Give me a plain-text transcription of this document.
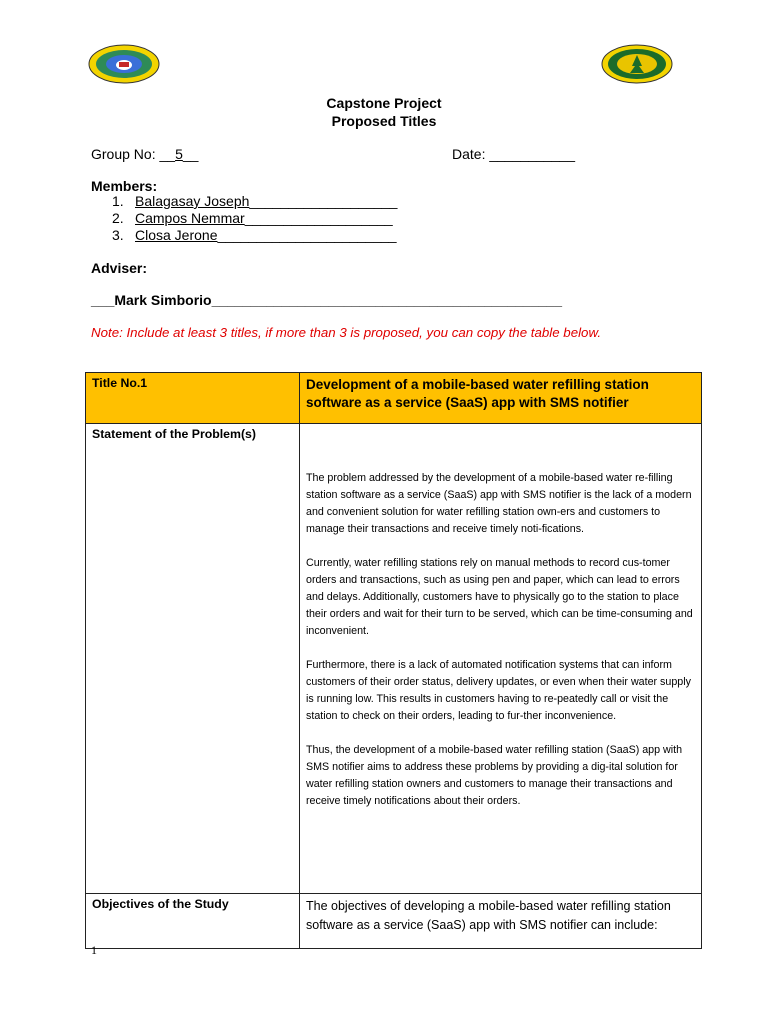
Capstone Project
Proposed Titles
Group No: __5__	Date: ___________
Members:
1. Balagasay Joseph___________________
2. Campos Nemmar___________________
3. Closa Jerone_______________________
Adviser:
___Mark Simborio_____________________________________________
Note: Include at least 3 titles, if more than 3 is proposed, you can copy the table below.
Title No.1	Development of a mobile-based water refilling station software as a service (SaaS) app with SMS notifier
Statement of the Problem(s)	The problem addressed by the development of a mobile-based water re-filling station software as a service (SaaS) app with SMS notifier is the lack of a modern and convenient solution for water refilling station own-ers and customers to manage their transactions and receive timely noti-fications.

Currently, water refilling stations rely on manual methods to record cus-tomer orders and transactions, such as using pen and paper, which can lead to errors and delays. Additionally, customers have to physically go to the station to place their orders and wait for their turn to be served, which can be time-consuming and inconvenient.

Furthermore, there is a lack of automated notification systems that can inform customers of their order status, delivery updates, or even when their water supply is running low. This results in customers having to re-peatedly call or visit the station to check on their orders, leading to fur-ther inconvenience.

Thus, the development of a mobile-based water refilling station (SaaS) app with SMS notifier aims to address these problems by providing a dig-ital solution for water refilling station owners and customers to manage their transactions and receive timely notifications about their orders.

Objectives of the Study	The objectives of developing a mobile-based water refilling station software as a service (SaaS) app with SMS notifier can include:
1
